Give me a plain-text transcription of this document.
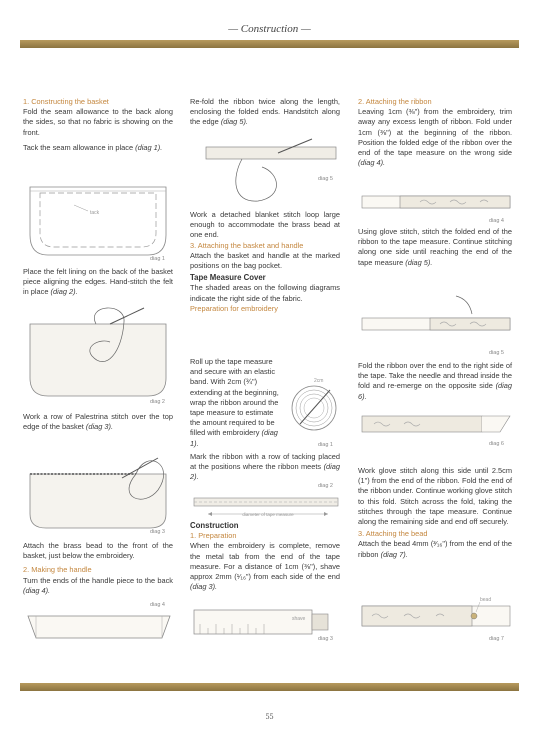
— Construction —

1. Constructing the basket

Fold the seam allowance to the back along the sides, so that no fabric is showing on the front.

Tack the seam allowance in place (diag 1).

tack
diag 1

Place the felt lining on the back of the basket piece aligning the edges. Hand-stitch the felt in place (diag 2).

diag 2

Work a row of Palestrina stitch over the top edge of the basket (diag 3).

diag 3

Attach the brass bead to the front of the basket, just below the embroidery.

2. Making the handle

Turn the ends of the handle piece to the back (diag 4).

diag 4

Re-fold the ribbon twice along the length, enclosing the folded ends. Handstitch along the edge (diag 5).

diag 5

Work a detached blanket stitch loop large enough to accommodate the brass bead at one end.

3. Attaching the basket and handle

Attach the basket and handle at the marked positions on the bag pocket.

Tape Measure Cover

The shaded areas on the following diagrams indicate the right side of the fabric.

Preparation for embroidery

Roll up the tape measure and secure with an elastic band. With 2cm (¾") extending at the beginning, wrap the ribbon around the tape measure to estimate the amount required to be filled with embroidery (diag 1).

2cm
diag 1

Mark the ribbon with a row of tacking placed at the positions where the ribbon meets (diag 2).

diag 2
diameter of tape measure

Construction

1. Preparation

When the embroidery is complete, remove the metal tab from the end of the tape measure. For a distance of 1cm (⅜"), shave approx 2mm (¹⁄₁₆") from each side of the end (diag 3).

shave
diag 3

2. Attaching the ribbon

Leaving 1cm (⅜") from the embroidery, trim away any excess length of ribbon. Fold under 1cm (⅜") at the beginning of the ribbon. Position the folded edge of the ribbon over the end of the tape measure on the wrong side (diag 4).

diag 4

Using glove stitch, stitch the folded end of the ribbon to the tape measure. Continue stitching along one side until reaching the end of the tape measure (diag 5).

diag 5

Fold the ribbon over the end to the right side of the tape. Take the needle and thread inside the fold and re-emerge on the opposite side (diag 6).

diag 6

Work glove stitch along this side until 2.5cm (1") from the end of the ribbon. Fold the end of the ribbon under. Continue working glove stitch to this fold. Stitch across the fold, taking the stitches through the tape measure. Continue along the remaining side and end off securely.

3. Attaching the bead

Attach the bead 4mm (³⁄₁₆") from the end of the ribbon (diag 7).

bead
diag 7
55
